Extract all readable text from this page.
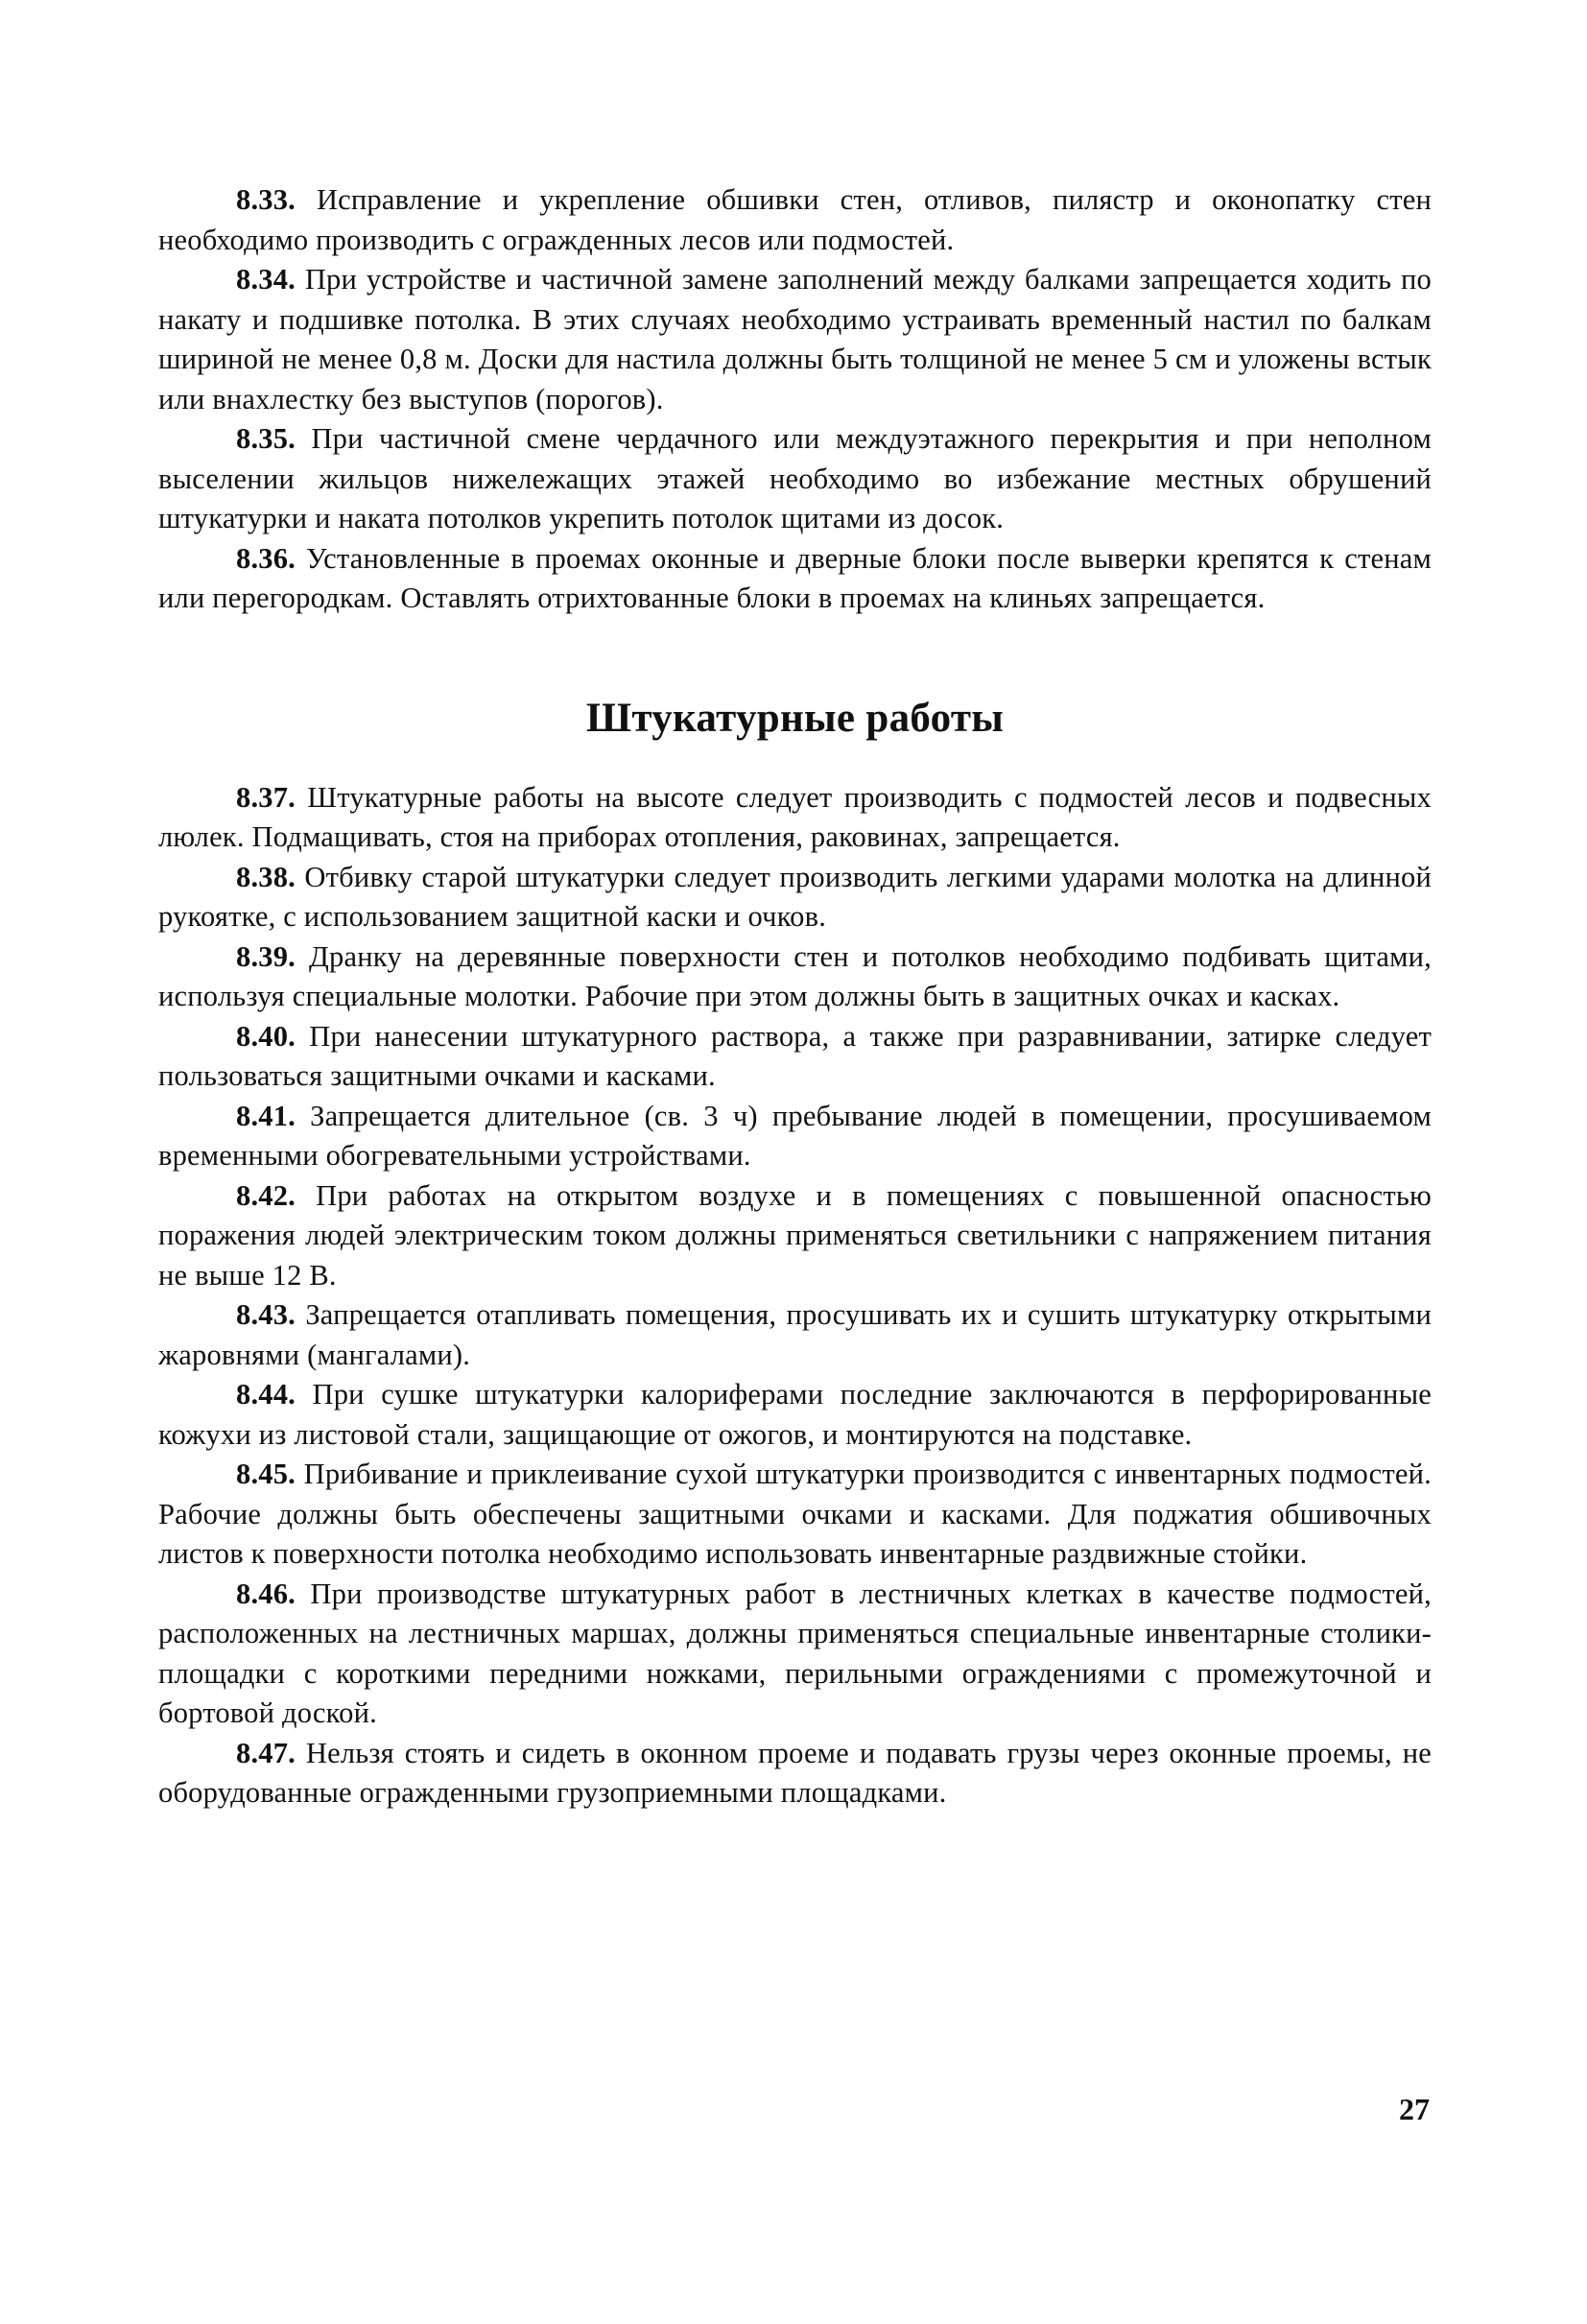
8.33. Исправление и укрепление обшивки стен, отливов, пилястр и оконопатку стен необходимо производить с огражденных лесов или подмостей.

8.34. При устройстве и частичной замене заполнений между балками запрещается ходить по накату и подшивке потолка. В этих случаях необходимо устраивать временный настил по балкам шириной не менее 0,8 м. Доски для настила должны быть толщиной не менее 5 см и уложены встык или внахлестку без выступов (порогов).

8.35. При частичной смене чердачного или междуэтажного перекрытия и при неполном выселении жильцов нижележащих этажей необходимо во избежание местных обрушений штукатурки и наката потолков укрепить потолок щитами из досок.

8.36. Установленные в проемах оконные и дверные блоки после выверки крепятся к стенам или перегородкам. Оставлять отрихтованные блоки в проемах на клиньях запрещается.

Штукатурные работы

8.37. Штукатурные работы на высоте следует производить с подмостей лесов и подвесных люлек. Подмащивать, стоя на приборах отопления, раковинах, запрещается.

8.38. Отбивку старой штукатурки следует производить легкими ударами молотка на длинной рукоятке, с использованием защитной каски и очков.

8.39. Дранку на деревянные поверхности стен и потолков необходимо подбивать щитами, используя специальные молотки. Рабочие при этом должны быть в защитных очках и касках.

8.40. При нанесении штукатурного раствора, а также при разравнивании, затирке следует пользоваться защитными очками и касками.

8.41. Запрещается длительное (св. 3 ч) пребывание людей в помещении, просушиваемом временными обогревательными устройствами.

8.42. При работах на открытом воздухе и в помещениях с повышенной опасностью поражения людей электрическим током должны применяться светильники с напряжением питания не выше 12 В.

8.43. Запрещается отапливать помещения, просушивать их и сушить штукатурку открытыми жаровнями (мангалами).

8.44. При сушке штукатурки калориферами последние заключаются в перфорированные кожухи из листовой стали, защищающие от ожогов, и монтируются на подставке.

8.45. Прибивание и приклеивание сухой штукатурки производится с инвентарных подмостей. Рабочие должны быть обеспечены защитными очками и касками. Для поджатия обшивочных листов к поверхности потолка необходимо использовать инвентарные раздвижные стойки.

8.46. При производстве штукатурных работ в лестничных клетках в качестве подмостей, расположенных на лестничных маршах, должны применяться специальные инвентарные столики-площадки с короткими передними ножками, перильными ограждениями с промежуточной и бортовой доской.

8.47. Нельзя стоять и сидеть в оконном проеме и подавать грузы через оконные проемы, не оборудованные огражденными грузоприемными площадками.

27
